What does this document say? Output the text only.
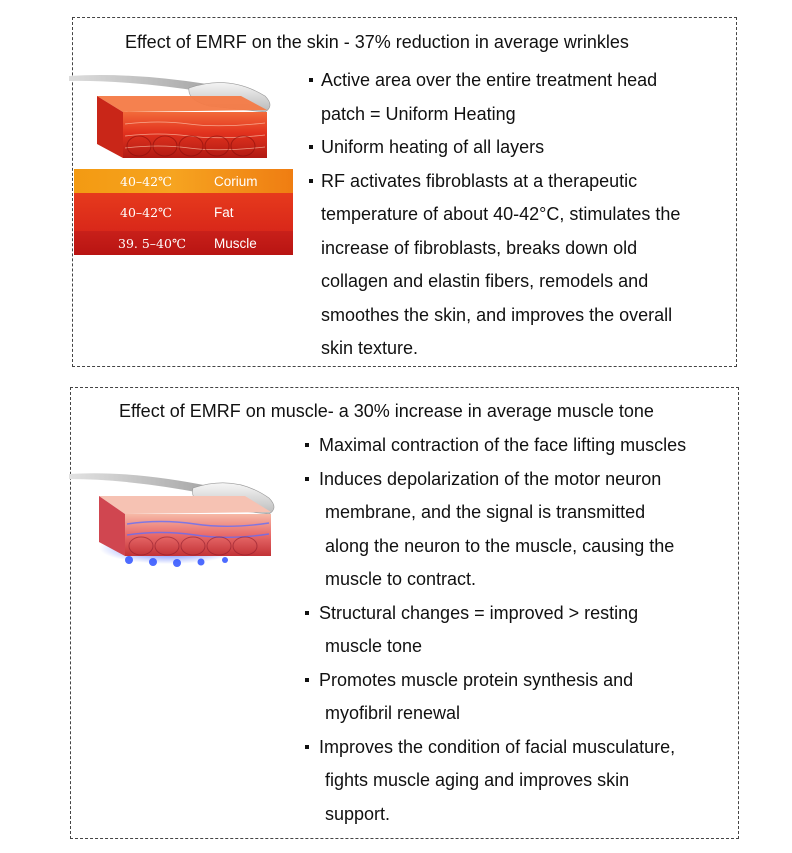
Effect of EMRF on the skin - 37% reduction in average wrinkles
40–42℃	Corium
40–42℃	Fat
39. 5–40℃	Muscle
Active area over the entire treatment head
patch = Uniform Heating
Uniform heating of all layers
RF activates fibroblasts at a therapeutic
temperature of about 40-42°C, stimulates the
increase of fibroblasts, breaks down old
collagen and elastin fibers, remodels and
smoothes the skin, and improves the overall
skin texture.
Effect of EMRF on muscle- a 30% increase in average muscle tone
Maximal contraction of the face lifting muscles
Induces depolarization of the motor neuron
membrane, and the signal is transmitted
along the neuron to the muscle, causing the
muscle to contract.
Structural changes = improved > resting
muscle tone
Promotes muscle protein synthesis and
myofibril renewal
Improves the condition of facial musculature,
fights muscle aging and improves skin
support.
